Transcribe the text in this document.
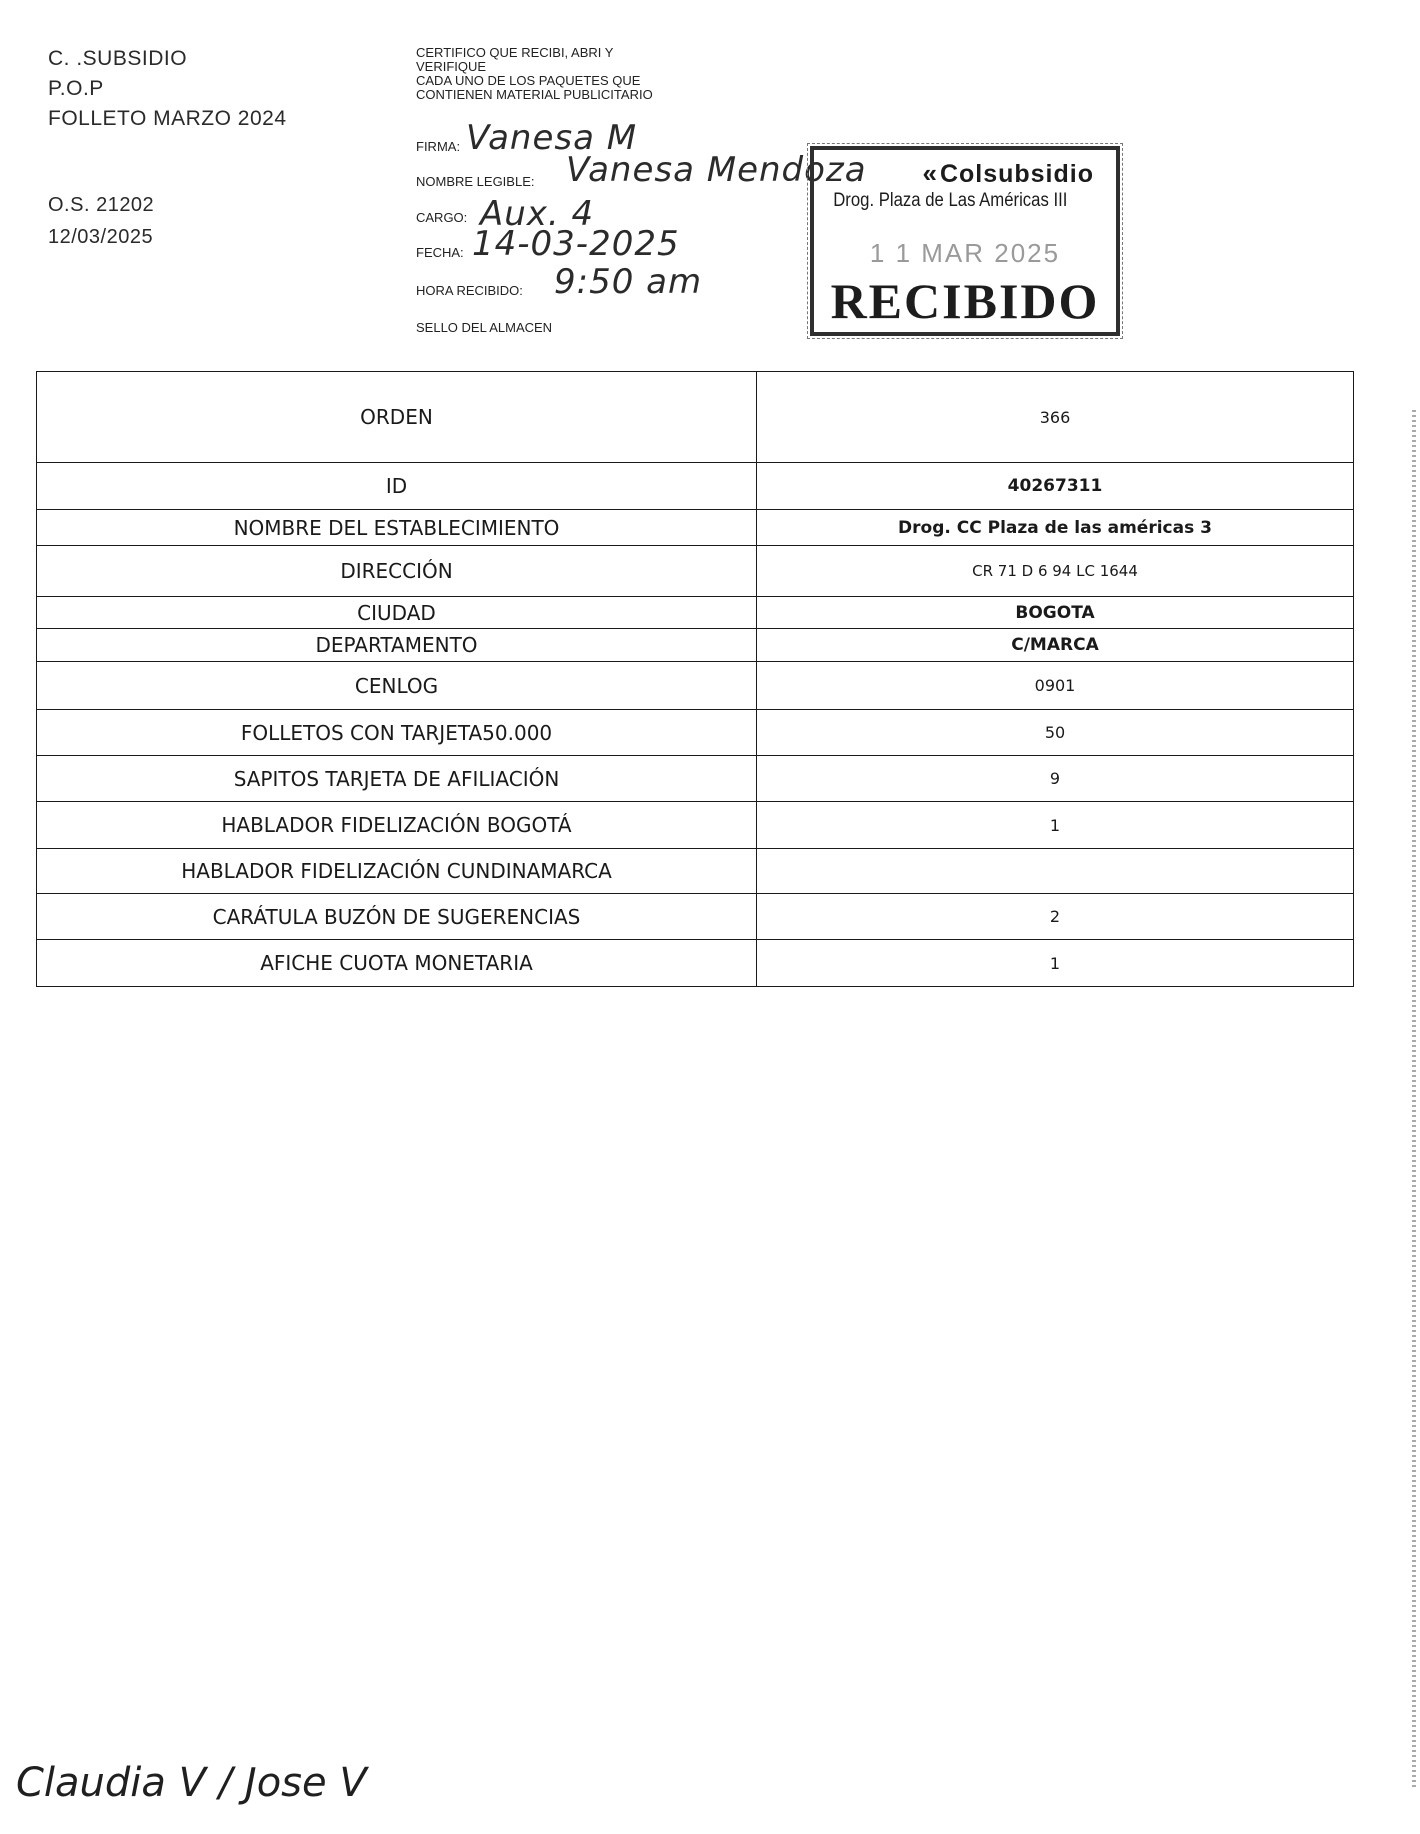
C. .SUBSIDIO
P.O.P
FOLLETO MARZO 2024
O.S. 21202
12/03/2025
CERTIFICO QUE RECIBI, ABRI Y
VERIFIQUE
CADA UNO DE LOS PAQUETES QUE
CONTIENEN MATERIAL PUBLICITARIO
FIRMA: Vanesa M
NOMBRE LEGIBLE: Vanesa Mendoza
CARGO: Aux. 4
FECHA: 14-03-2025
HORA RECIBIDO: 9:50 am
SELLO DEL ALMACEN
«Colsubsidio
Drog. Plaza de Las Américas III
1 1 MAR 2025
RECIBIDO
ORDEN	366
ID	40267311
NOMBRE DEL ESTABLECIMIENTO	Drog. CC Plaza de las américas 3
DIRECCIÓN	CR 71 D 6 94 LC 1644
CIUDAD	BOGOTA
DEPARTAMENTO	C/MARCA
CENLOG	0901
FOLLETOS CON TARJETA50.000	50
SAPITOS TARJETA DE AFILIACIÓN	9
HABLADOR FIDELIZACIÓN BOGOTÁ	1
HABLADOR FIDELIZACIÓN CUNDINAMARCA	
CARÁTULA BUZÓN DE SUGERENCIAS	2
AFICHE CUOTA MONETARIA	1
Claudia V / Jose V
